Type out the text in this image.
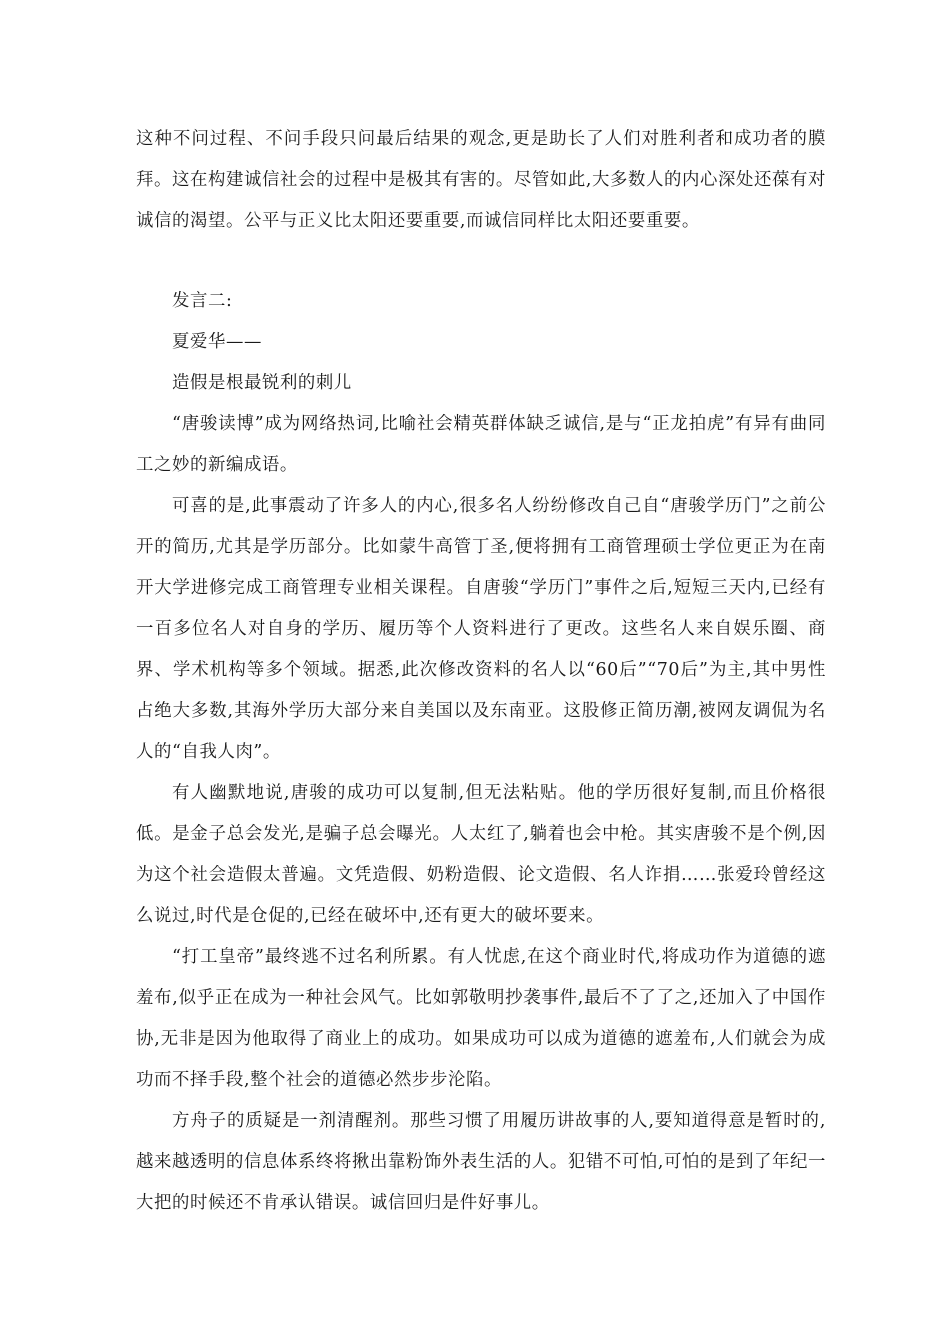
这种不问过程、不问手段只问最后结果的观念,更是助长了人们对胜利者和成功者的膜拜。这在构建诚信社会的过程中是极其有害的。尽管如此,大多数人的内心深处还葆有对诚信的渴望。公平与正义比太阳还要重要,而诚信同样比太阳还要重要。

发言二:

夏爱华——

造假是根最锐利的刺儿

“唐骏读博”成为网络热词,比喻社会精英群体缺乏诚信,是与“正龙拍虎”有异有曲同工之妙的新编成语。

可喜的是,此事震动了许多人的内心,很多名人纷纷修改自己自“唐骏学历门”之前公开的简历,尤其是学历部分。比如蒙牛高管丁圣,便将拥有工商管理硕士学位更正为在南开大学进修完成工商管理专业相关课程。自唐骏“学历门”事件之后,短短三天内,已经有一百多位名人对自身的学历、履历等个人资料进行了更改。这些名人来自娱乐圈、商界、学术机构等多个领域。据悉,此次修改资料的名人以“60后”“70后”为主,其中男性占绝大多数,其海外学历大部分来自美国以及东南亚。这股修正简历潮,被网友调侃为名人的“自我人肉”。

有人幽默地说,唐骏的成功可以复制,但无法粘贴。他的学历很好复制,而且价格很低。是金子总会发光,是骗子总会曝光。人太红了,躺着也会中枪。其实唐骏不是个例,因为这个社会造假太普遍。文凭造假、奶粉造假、论文造假、名人诈捐……张爱玲曾经这么说过,时代是仓促的,已经在破坏中,还有更大的破坏要来。

“打工皇帝”最终逃不过名利所累。有人忧虑,在这个商业时代,将成功作为道德的遮羞布,似乎正在成为一种社会风气。比如郭敬明抄袭事件,最后不了了之,还加入了中国作协,无非是因为他取得了商业上的成功。如果成功可以成为道德的遮羞布,人们就会为成功而不择手段,整个社会的道德必然步步沦陷。

方舟子的质疑是一剂清醒剂。那些习惯了用履历讲故事的人,要知道得意是暂时的,越来越透明的信息体系终将揪出靠粉饰外表生活的人。犯错不可怕,可怕的是到了年纪一大把的时候还不肯承认错误。诚信回归是件好事儿。
